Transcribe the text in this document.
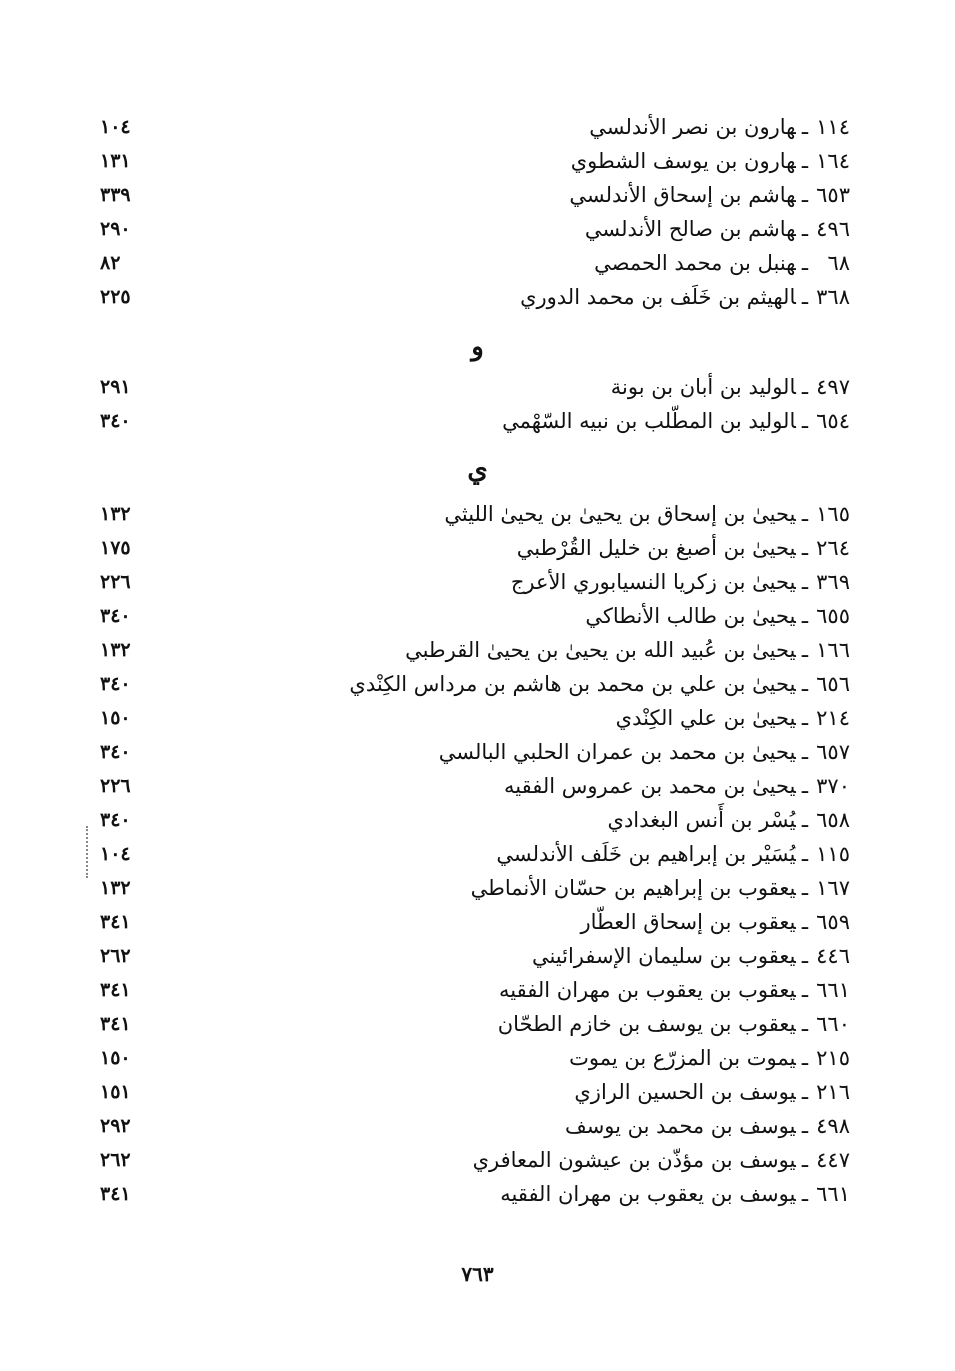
١١٤ـهارون بن نصر الأندلسي
١٠٤
١٦٤ـهارون بن يوسف الشطوي
١٣١
٦٥٣ـهاشم بن إسحاق الأندلسي
٣٣٩
٤٩٦ـهاشم بن صالح الأندلسي
٢٩٠
٦٨ـهنبل بن محمد الحمصي
٨٢
٣٦٨ـالهيثم بن خَلَف بن محمد الدوري
٢٢٥
و
٤٩٧ـالوليد بن أبان بن بونة
٢٩١
٦٥٤ـالوليد بن المطّلب بن نبيه السّهْمي
٣٤٠
ي
١٦٥ـيحيىٰ بن إسحاق بن يحيىٰ بن يحيىٰ الليثي
١٣٢
٢٦٤ـيحيىٰ بن أصبغ بن خليل القُرْطبي
١٧٥
٣٦٩ـيحيىٰ بن زكريا النسيابوري الأعرج
٢٢٦
٦٥٥ـيحيىٰ بن طالب الأنطاكي
٣٤٠
١٦٦ـيحيىٰ بن عُبيد الله بن يحيىٰ بن يحيىٰ القرطبي
١٣٢
٦٥٦ـيحيىٰ بن علي بن محمد بن هاشم بن مرداس الكِنْدي
٣٤٠
٢١٤ـيحيىٰ بن علي الكِنْدي
١٥٠
٦٥٧ـيحيىٰ بن محمد بن عمران الحلبي البالسي
٣٤٠
٣٧٠ـيحيىٰ بن محمد بن عمروس الفقيه
٢٢٦
٦٥٨ـيُسْر بن أَنس البغدادي
٣٤٠
١١٥ـيُسَيْر بن إبراهيم بن خَلَف الأندلسي
١٠٤
١٦٧ـيعقوب بن إبراهيم بن حسّان الأنماطي
١٣٢
٦٥٩ـيعقوب بن إسحاق العطّار
٣٤١
٤٤٦ـيعقوب بن سليمان الإسفرائيني
٢٦٢
٦٦١ـيعقوب بن يعقوب بن مهران الفقيه
٣٤١
٦٦٠ـيعقوب بن يوسف بن خازم الطحّان
٣٤١
٢١٥ـيموت بن المزرّع بن يموت
١٥٠
٢١٦ـيوسف بن الحسين الرازي
١٥١
٤٩٨ـيوسف بن محمد بن يوسف
٢٩٢
٤٤٧ـيوسف بن مؤذّن بن عيشون المعافري
٢٦٢
٦٦١ـيوسف بن يعقوب بن مهران الفقيه
٣٤١
٧٦٣
